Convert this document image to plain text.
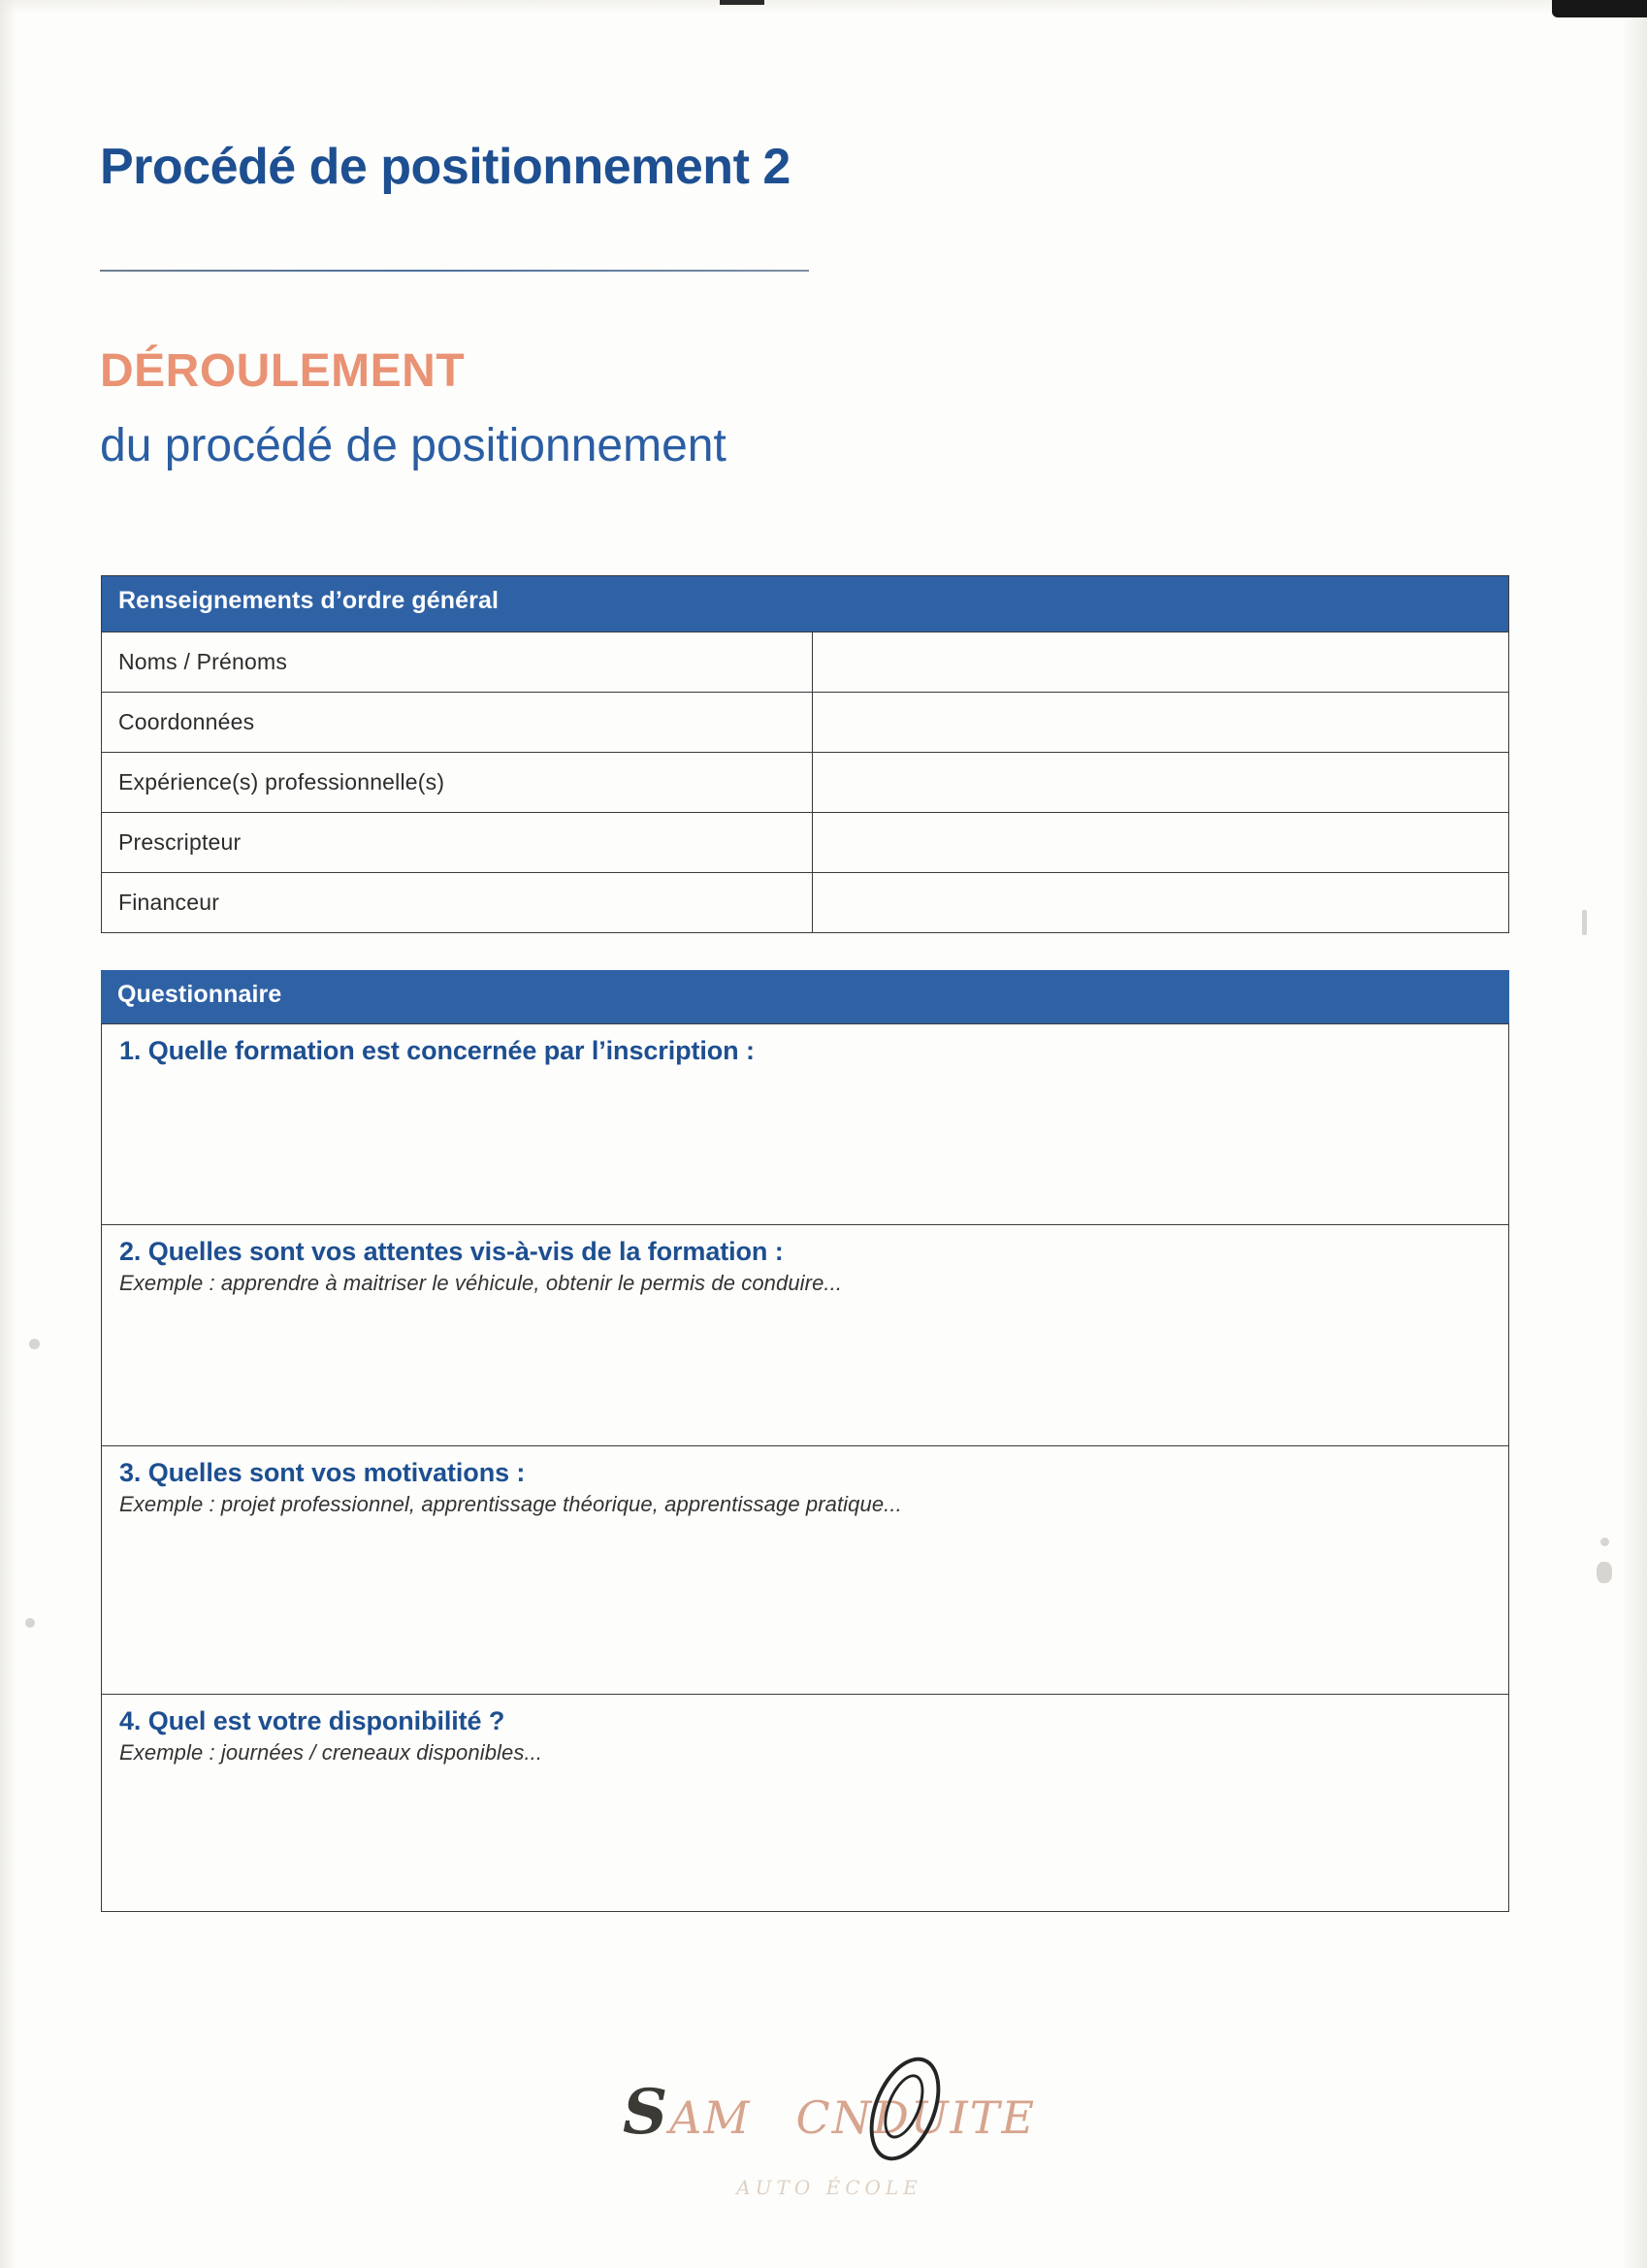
Procédé de positionnement 2
DÉROULEMENT
du procédé de positionnement
Renseignements d’ordre général
Noms / Prénoms
Coordonnées
Expérience(s) professionnelle(s)
Prescripteur
Financeur
Questionnaire
1. Quelle formation est concernée par l’inscription :
2. Quelles sont vos attentes vis-à-vis de la formation :
Exemple : apprendre à maitriser le véhicule, obtenir le permis de conduire...
3. Quelles sont vos motivations :
Exemple : projet professionnel, apprentissage théorique, apprentissage pratique...
4. Quel est votre disponibilité ?
Exemple : journées / creneaux disponibles...
SAM CNDUITE
AUTO ÉCOLE
